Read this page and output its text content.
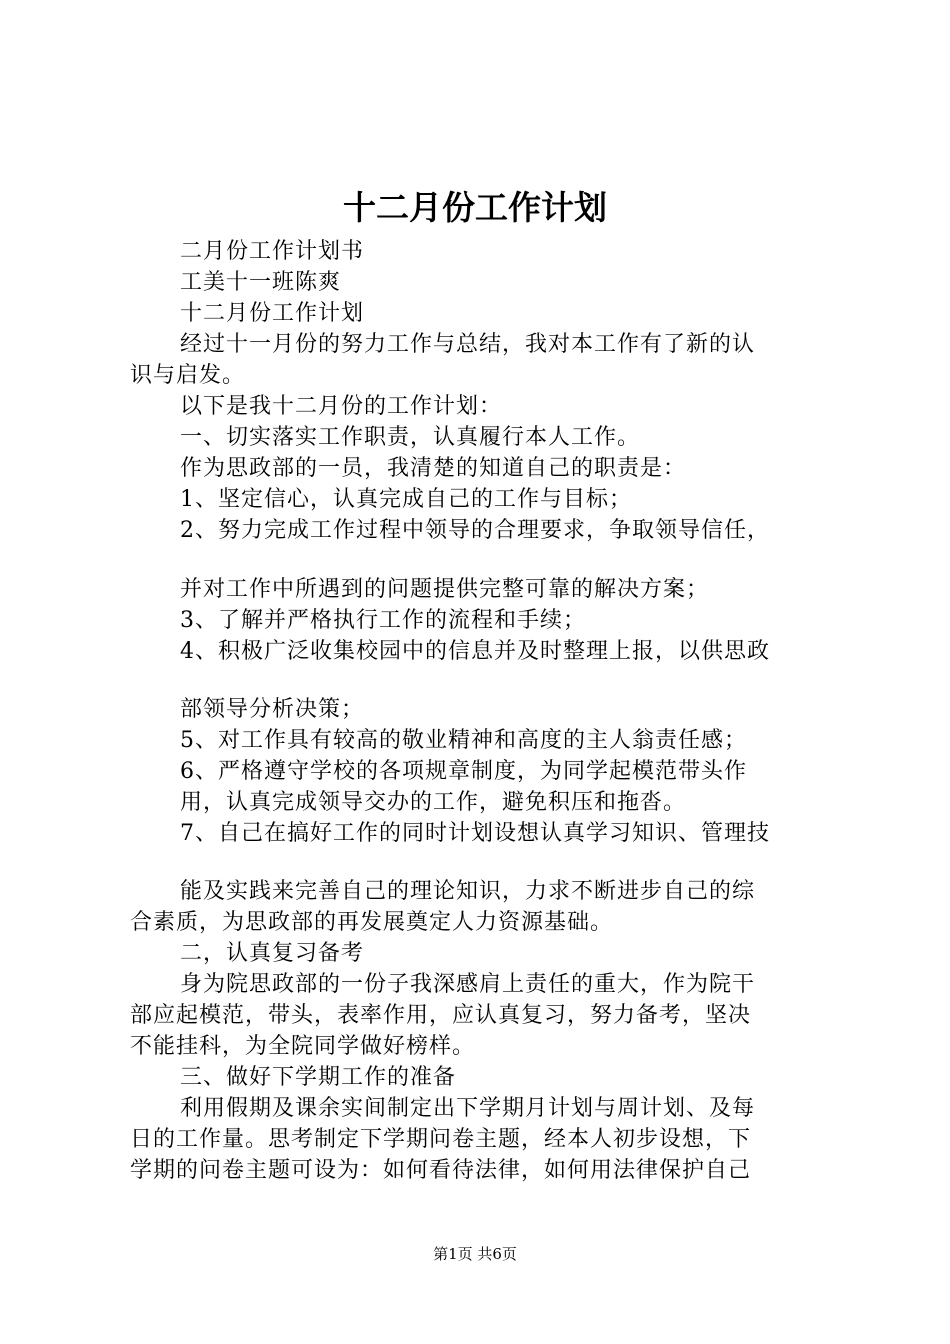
十二月份工作计划
二月份工作计划书
工美十一班陈爽
十二月份工作计划
经过十一月份的努力工作与总结，我对本工作有了新的认
识与启发。
以下是我十二月份的工作计划：
一、切实落实工作职责，认真履行本人工作。
作为思政部的一员，我清楚的知道自己的职责是：
1、坚定信心，认真完成自己的工作与目标；
2、努力完成工作过程中领导的合理要求，争取领导信任，
并对工作中所遇到的问题提供完整可靠的解决方案；
3、了解并严格执行工作的流程和手续；
4、积极广泛收集校园中的信息并及时整理上报，以供思政
部领导分析决策；
5、对工作具有较高的敬业精神和高度的主人翁责任感；
6、严格遵守学校的各项规章制度，为同学起模范带头作
用，认真完成领导交办的工作，避免积压和拖沓。
7、自己在搞好工作的同时计划设想认真学习知识、管理技
能及实践来完善自己的理论知识，力求不断进步自己的综
合素质，为思政部的再发展奠定人力资源基础。
二，认真复习备考
身为院思政部的一份子我深感肩上责任的重大，作为院干
部应起模范，带头，表率作用，应认真复习，努力备考，坚决
不能挂科，为全院同学做好榜样。
三、做好下学期工作的准备
利用假期及课余实间制定出下学期月计划与周计划、及每
日的工作量。思考制定下学期问卷主题，经本人初步设想，下
学期的问卷主题可设为：如何看待法律，如何用法律保护自己
第1页 共6页
